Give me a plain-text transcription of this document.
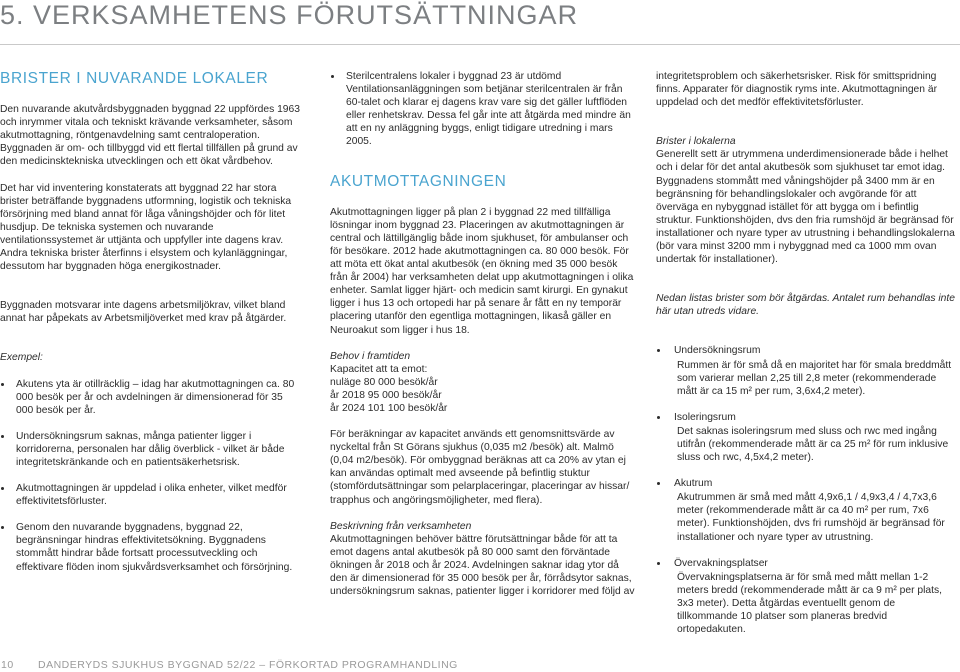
5. VERKSAMHETENS FÖRUTSÄTTNINGAR
BRISTER I NUVARANDE LOKALER

Den nuvarande akutvårdsbyggnaden byggnad 22 uppfördes 1963 och inrymmer vitala och tekniskt krävande verksamheter, såsom akutmottagning, röntgenavdelning samt centraloperation. Byggnaden är om- och tillbyggd vid ett flertal tillfällen på grund av den medicinsktekniska utvecklingen och ett ökat vårdbehov.

Det har vid inventering konstaterats att byggnad 22 har stora brister beträffande byggnadens utformning, logistik och tekniska försörjning med bland annat för låga våningshöjder och för litet husdjup. De tekniska systemen och nuvarande ventilationssystemet är uttjänta och uppfyller inte dagens krav. Andra tekniska brister återfinns i elsystem och kylanläggningar, dessutom har byggnaden höga energikostnader.

Byggnaden motsvarar inte dagens arbetsmiljökrav, vilket bland annat har påpekats av Arbetsmiljöverket med krav på åtgärder.

Exempel:

Akutens yta är otillräcklig – idag har akutmottagningen ca. 80 000 besök per år och avdelningen är dimensionerad för 35 000 besök per år.
Undersökningsrum saknas, många patienter ligger i korridorerna, personalen har dålig överblick - vilket är både integritetskränkande och en patientsäkerhetsrisk.
Akutmottagningen är uppdelad i olika enheter, vilket medför effektivitetsförluster.
Genom den nuvarande byggnadens, byggnad 22, begränsningar hindras effektivitetsökning. Byggnadens stommått hindrar både fortsatt processutveckling och effektivare flöden inom sjukvårdsverksamhet och försörjning.
Sterilcentralens lokaler i byggnad 23 är utdömd Ventilationsanläggningen som betjänar sterilcentralen är från 60-talet och klarar ej dagens krav vare sig det gäller luftflöden eller renhetskrav. Dessa fel går inte att åtgärda med mindre än att en ny anläggning byggs, enligt tidigare utredning i mars 2005.
AKUTMOTTAGNINGEN

Akutmottagningen ligger på plan 2 i byggnad 22 med tillfälliga lösningar inom byggnad 23. Placeringen av akutmottagningen är central och lättillgänglig både inom sjukhuset, för ambulanser och för besökare. 2012 hade akutmottagningen ca. 80 000 besök. För att möta ett ökat antal akutbesök (en ökning med 35 000 besök från år 2004) har verksamheten delat upp akutmottagningen i olika enheter. Samlat ligger hjärt- och medicin samt kirurgi. En gynakut ligger i hus 13 och ortopedi har på senare år fått en ny temporär placering utanför den egentliga mottagningen, likaså gäller en Neuroakut som ligger i hus 18.

Behov i framtiden

Kapacitet att ta emot:
nuläge 80 000 besök/år
år 2018 95 000 besök/år
år 2024 101 100 besök/år

För beräkningar av kapacitet används ett genomsnittsvärde av nyckeltal från St Görans sjukhus (0,035 m2 /besök) alt. Malmö (0,04 m2/besök). För ombyggnad beräknas att ca 20% av ytan ej kan användas optimalt med avseende på befintlig stuktur (stomfördutsättningar som pelarplaceringar, placeringar av hissar/ trapphus och angöringsmöjligheter, med flera).

Beskrivning från verksamheten

Akutmottagningen behöver bättre förutsättningar både för att ta emot dagens antal akutbesök på 80 000 samt den förväntade ökningen år 2018 och år 2024. Avdelningen saknar idag ytor då den är dimensionerad för 35 000 besök per år, förrådsytor saknas, undersökningsrum saknas, patienter ligger i korridorer med följd av

integritetsproblem och säkerhetsrisker. Risk för smittspridning finns. Apparater för diagnostik ryms inte. Akutmottagningen är uppdelad och det medför effektivitetsförluster.

Brister i lokalerna

Generellt sett är utrymmena underdimensionerade både i helhet och i delar för det antal akutbesök som sjukhuset tar emot idag. Byggnadens stommått med våningshöjder på 3400 mm är en begränsning för behandlingslokaler och avgörande för att överväga en nybyggnad istället för att bygga om i befintlig struktur. Funktionshöjden, dvs den fria rumshöjd är begränsad för installationer och nyare typer av utrustning i behandlingslokalerna (bör vara minst 3200 mm i nybyggnad med ca 1000 mm ovan undertak för installationer).

Nedan listas brister som bör åtgärdas. Antalet rum behandlas inte här utan utreds vidare.

Undersökningsrum
Rummen är för små då en majoritet har för smala breddmått som varierar mellan 2,25 till 2,8 meter (rekommenderade mått är ca 15 m² per rum, 3,6x4,2 meter).
Isoleringsrum
Det saknas isoleringsrum med sluss och rwc med ingång utifrån (rekommenderade mått är ca 25 m² för rum inklusive sluss och rwc, 4,5x4,2 meter).
Akutrum
Akutrummen är små med mått 4,9x6,1 / 4,9x3,4 / 4,7x3,6 meter (rekommenderade mått är ca 40 m² per rum, 7x6 meter). Funktionshöjden, dvs fri rumshöjd är begränsad för installationer och nyare typer av utrustning.
Övervakningsplatser
Övervakningsplatserna är för små med mått mellan 1-2 meters bredd (rekommenderade mått är ca 9 m² per plats, 3x3 meter). Detta åtgärdas eventuellt genom de tillkommande 10 platser som planeras bredvid ortopedakuten.
10 DANDERYDS SJUKHUS BYGGNAD 52/22 – FÖRKORTAD PROGRAMHANDLING
